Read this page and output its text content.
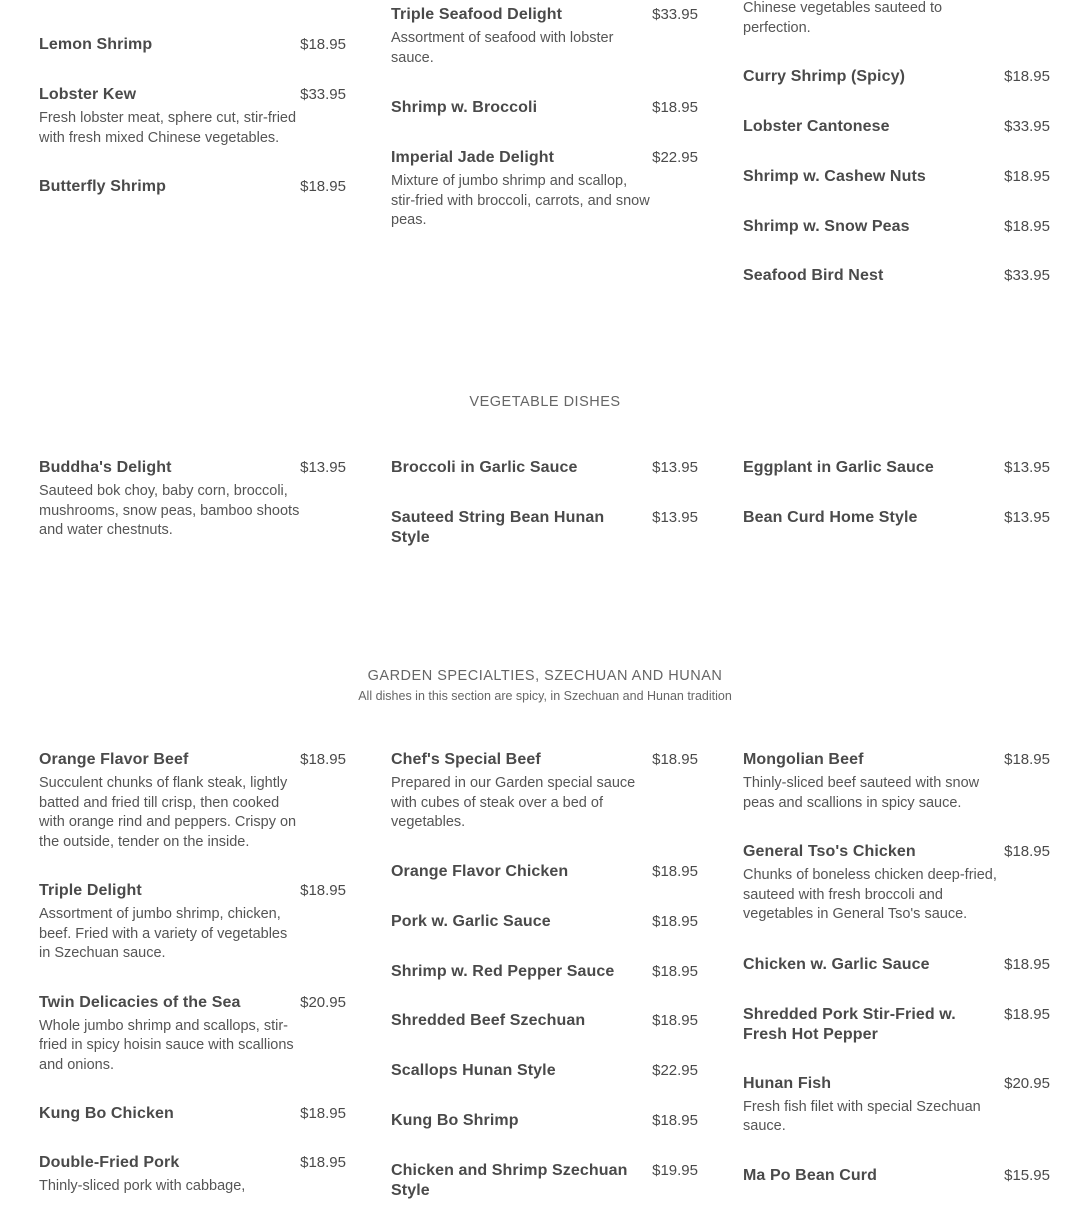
Lemon Shrimp	$18.95
Lobster Kew	$33.95
Fresh lobster meat, sphere cut, stir-fried with fresh mixed Chinese vegetables.
Butterfly Shrimp	$18.95
Triple Seafood Delight	$33.95
Assortment of seafood with lobster sauce.
Shrimp w. Broccoli	$18.95
Imperial Jade Delight	$22.95
Mixture of jumbo shrimp and scallop, stir-fried with broccoli, carrots, and snow peas.
Chinese vegetables sauteed to perfection.
Curry Shrimp (Spicy)	$18.95
Lobster Cantonese	$33.95
Shrimp w. Cashew Nuts	$18.95
Shrimp w. Snow Peas	$18.95
Seafood Bird Nest	$33.95
VEGETABLE DISHES
Buddha's Delight	$13.95
Sauteed bok choy, baby corn, broccoli, mushrooms, snow peas, bamboo shoots and water chestnuts.
Broccoli in Garlic Sauce	$13.95
Sauteed String Bean Hunan Style
$13.95
Eggplant in Garlic Sauce	$13.95
Bean Curd Home Style	$13.95
GARDEN SPECIALTIES, SZECHUAN AND HUNAN
All dishes in this section are spicy, in Szechuan and Hunan tradition
Orange Flavor Beef	$18.95
Succulent chunks of flank steak, lightly batted and fried till crisp, then cooked with orange rind and peppers. Crispy on the outside, tender on the inside.
Triple Delight	$18.95
Assortment of jumbo shrimp, chicken, beef. Fried with a variety of vegetables in Szechuan sauce.
Twin Delicacies of the Sea	$20.95
Whole jumbo shrimp and scallops, stir-fried in spicy hoisin sauce with scallions and onions.
Kung Bo Chicken	$18.95
Double-Fried Pork	$18.95
Thinly-sliced pork with cabbage,
Chef's Special Beef	$18.95
Prepared in our Garden special sauce with cubes of steak over a bed of vegetables.
Orange Flavor Chicken	$18.95
Pork w. Garlic Sauce	$18.95
Shrimp w. Red Pepper Sauce	$18.95
Shredded Beef Szechuan	$18.95
Scallops Hunan Style	$22.95
Kung Bo Shrimp	$18.95
Chicken and Shrimp Szechuan Style
$19.95
Mongolian Beef	$18.95
Thinly-sliced beef sauteed with snow peas and scallions in spicy sauce.
General Tso's Chicken	$18.95
Chunks of boneless chicken deep-fried, sauteed with fresh broccoli and vegetables in General Tso's sauce.
Chicken w. Garlic Sauce	$18.95
Shredded Pork Stir-Fried w. Fresh Hot Pepper
$18.95
Hunan Fish	$20.95
Fresh fish filet with special Szechuan sauce.
Ma Po Bean Curd	$15.95
